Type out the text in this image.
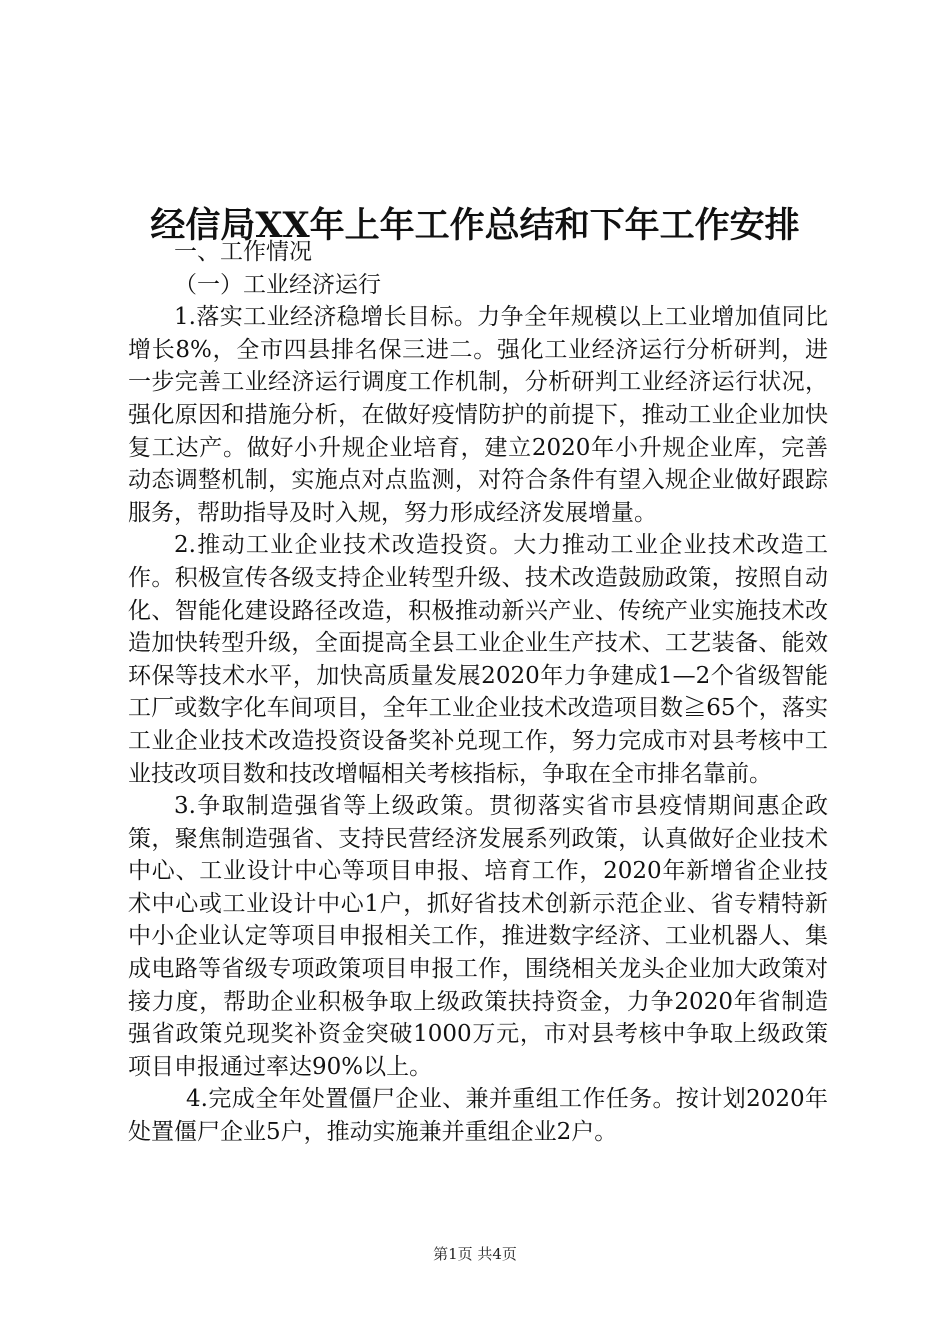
经信局XX年上年工作总结和下年工作安排

一、工作情况

（一）工业经济运行

1.落实工业经济稳增长目标。力争全年规模以上工业增加值同比增长8%，全市四县排名保三进二。强化工业经济运行分析研判，进一步完善工业经济运行调度工作机制，分析研判工业经济运行状况，强化原因和措施分析，在做好疫情防护的前提下，推动工业企业加快复工达产。做好小升规企业培育，建立2020年小升规企业库，完善动态调整机制，实施点对点监测，对符合条件有望入规企业做好跟踪服务，帮助指导及时入规，努力形成经济发展增量。

2.推动工业企业技术改造投资。大力推动工业企业技术改造工作。积极宣传各级支持企业转型升级、技术改造鼓励政策，按照自动化、智能化建设路径改造，积极推动新兴产业、传统产业实施技术改造加快转型升级，全面提高全县工业企业生产技术、工艺装备、能效环保等技术水平，加快高质量发展2020年力争建成1—2个省级智能工厂或数字化车间项目，全年工业企业技术改造项目数≧65个，落实工业企业技术改造投资设备奖补兑现工作，努力完成市对县考核中工业技改项目数和技改增幅相关考核指标，争取在全市排名靠前。

3.争取制造强省等上级政策。贯彻落实省市县疫情期间惠企政策，聚焦制造强省、支持民营经济发展系列政策，认真做好企业技术中心、工业设计中心等项目申报、培育工作，2020年新增省企业技术中心或工业设计中心1户，抓好省技术创新示范企业、省专精特新中小企业认定等项目申报相关工作，推进数字经济、工业机器人、集成电路等省级专项政策项目申报工作，围绕相关龙头企业加大政策对接力度，帮助企业积极争取上级政策扶持资金，力争2020年省制造强省政策兑现奖补资金突破1000万元，市对县考核中争取上级政策项目申报通过率达90%以上。

4.完成全年处置僵尸企业、兼并重组工作任务。按计划2020年处置僵尸企业5户，推动实施兼并重组企业2户。

第1页 共4页
